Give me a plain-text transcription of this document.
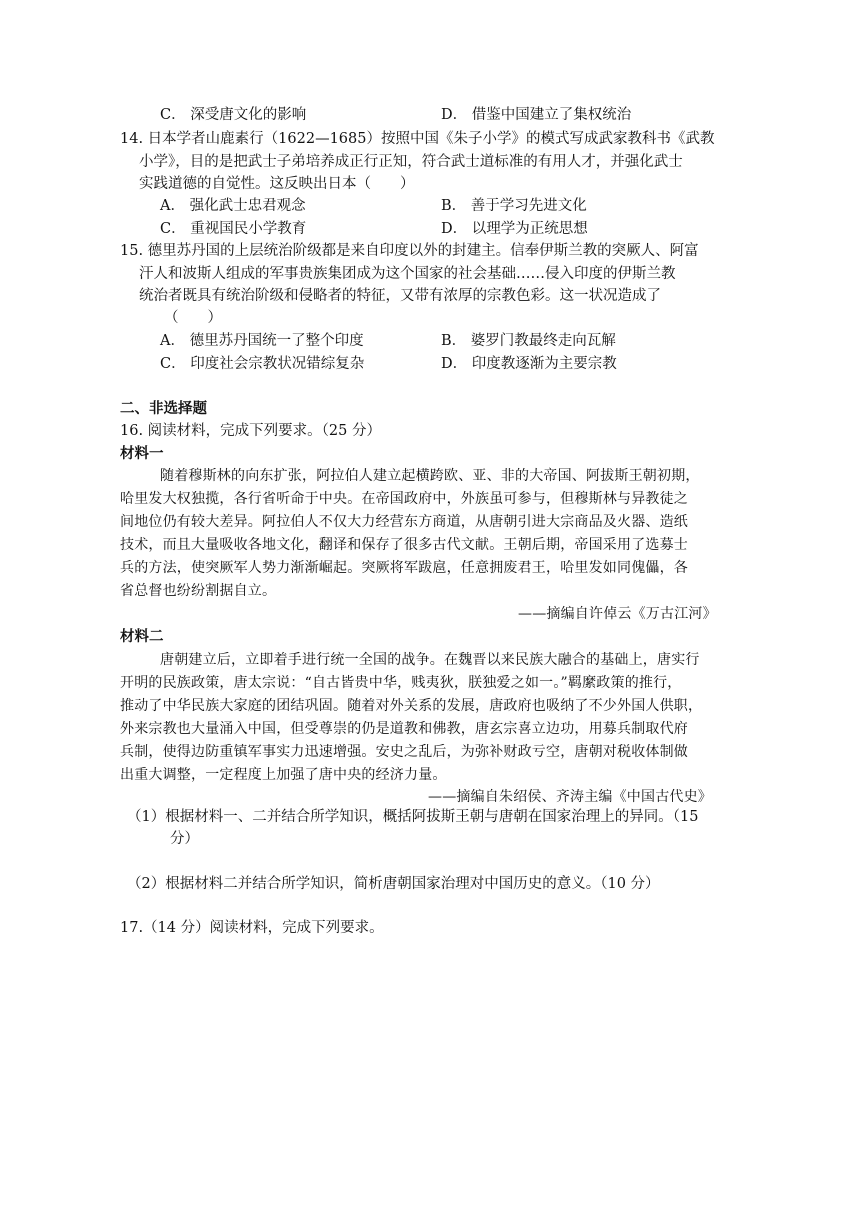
C． 深受唐文化的影响	D． 借鉴中国建立了集权统治
14. 日本学者山鹿素行（1622—1685）按照中国《朱子小学》的模式写成武家教科书《武教
小学》，目的是把武士子弟培养成正行正知，符合武士道标准的有用人才，并强化武士
实践道德的自觉性。这反映出日本（　　）
A． 强化武士忠君观念	B． 善于学习先进文化
C． 重视国民小学教育	D． 以理学为正统思想
15. 德里苏丹国的上层统治阶级都是来自印度以外的封建主。信奉伊斯兰教的突厥人、阿富
汗人和波斯人组成的军事贵族集团成为这个国家的社会基础……侵入印度的伊斯兰教
统治者既具有统治阶级和侵略者的特征，又带有浓厚的宗教色彩。这一状况造成了
（　　）
A． 德里苏丹国统一了整个印度	B． 婆罗门教最终走向瓦解
C． 印度社会宗教状况错综复杂	D． 印度教逐渐为主要宗教
二、非选择题
16. 阅读材料，完成下列要求。（25 分）
材料一
随着穆斯林的向东扩张，阿拉伯人建立起横跨欧、亚、非的大帝国、阿拔斯王朝初期，
哈里发大权独揽，各行省听命于中央。在帝国政府中，外族虽可参与，但穆斯林与异教徒之
间地位仍有较大差异。阿拉伯人不仅大力经营东方商道，从唐朝引进大宗商品及火器、造纸
技术，而且大量吸收各地文化，翻译和保存了很多古代文献。王朝后期，帝国采用了选募士
兵的方法，使突厥军人势力渐渐崛起。突厥将军跋扈，任意拥废君王，哈里发如同傀儡，各
省总督也纷纷割据自立。
——摘编自许倬云《万古江河》
材料二
唐朝建立后，立即着手进行统一全国的战争。在魏晋以来民族大融合的基础上，唐实行
开明的民族政策，唐太宗说：“自古皆贵中华，贱夷狄，朕独爱之如一。”羁縻政策的推行，
推动了中华民族大家庭的团结巩固。随着对外关系的发展，唐政府也吸纳了不少外国人供职，
外来宗教也大量涌入中国，但受尊崇的仍是道教和佛教，唐玄宗喜立边功，用募兵制取代府
兵制，使得边防重镇军事实力迅速增强。安史之乱后，为弥补财政亏空，唐朝对税收体制做
出重大调整，一定程度上加强了唐中央的经济力量。
——摘编自朱绍侯、齐涛主编《中国古代史》
（1）根据材料一、二并结合所学知识，概括阿拔斯王朝与唐朝在国家治理上的异同。（15
分）
（2）根据材料二并结合所学知识，简析唐朝国家治理对中国历史的意义。（10 分）
17.（14 分）阅读材料，完成下列要求。
